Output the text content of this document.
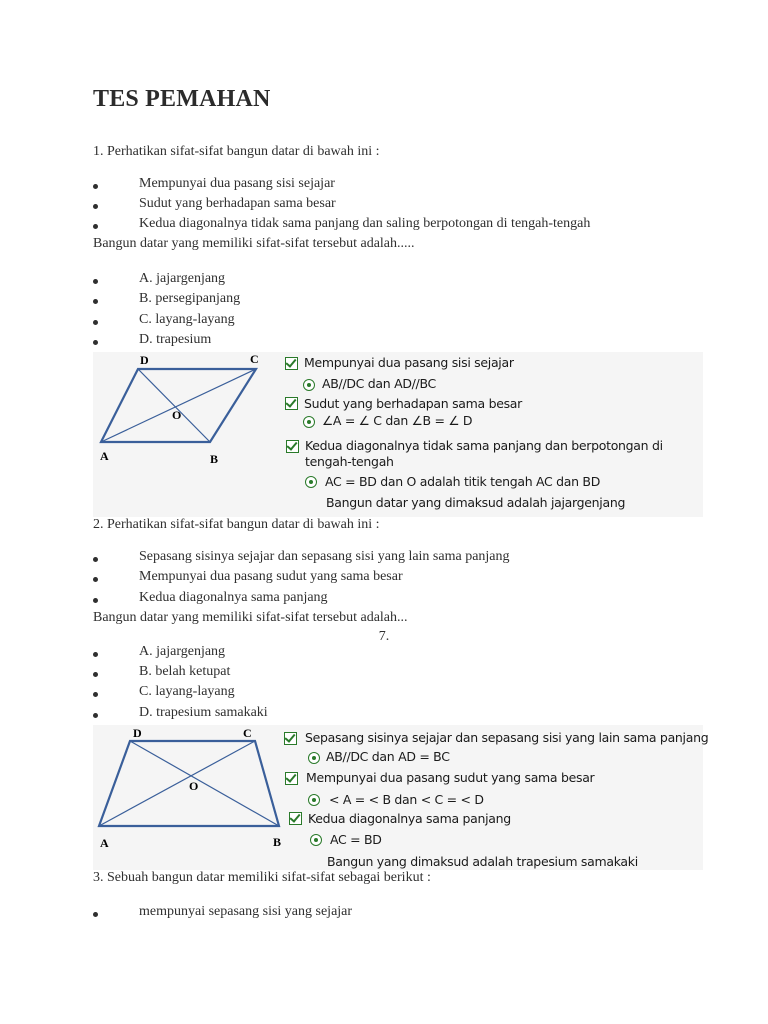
TES PEMAHAN

1. Perhatikan sifat-sifat bangun datar di bawah ini :

Mempunyai dua pasang sisi sejajar
Sudut yang berhadapan sama besar
Kedua diagonalnya tidak sama panjang dan saling berpotongan di tengah-tengah

Bangun datar yang memiliki sifat-sifat tersebut adalah.....

A. jajargenjang
B. persegipanjang
C. layang-layang
D. trapesium
D	C
O
A	B
Mempunyai dua pasang sisi sejajar
AB//DC dan AD//BC
Sudut yang berhadapan sama besar
∠A = ∠ C dan ∠B = ∠ D
Kedua diagonalnya tidak sama panjang dan berpotongan di
tengah-tengah
AC = BD dan O adalah titik tengah AC dan BD
Bangun datar yang dimaksud adalah jajargenjang

2. Perhatikan sifat-sifat bangun datar di bawah ini :

Sepasang sisinya sejajar dan sepasang sisi yang lain sama panjang
Mempunyai dua pasang sudut yang sama besar
Kedua diagonalnya sama panjang

Bangun datar yang memiliki sifat-sifat tersebut adalah...

7.
A. jajargenjang
B. belah ketupat
C. layang-layang
D. trapesium samakaki
D	C
O
A	B
Sepasang sisinya sejajar dan sepasang sisi yang lain sama panjang
AB//DC dan AD = BC
Mempunyai dua pasang sudut yang sama besar
< A = < B dan < C = < D
Kedua diagonalnya sama panjang
AC = BD
Bangun yang dimaksud adalah trapesium samakaki

3. Sebuah bangun datar memiliki sifat-sifat sebagai berikut :

mempunyai sepasang sisi yang sejajar
